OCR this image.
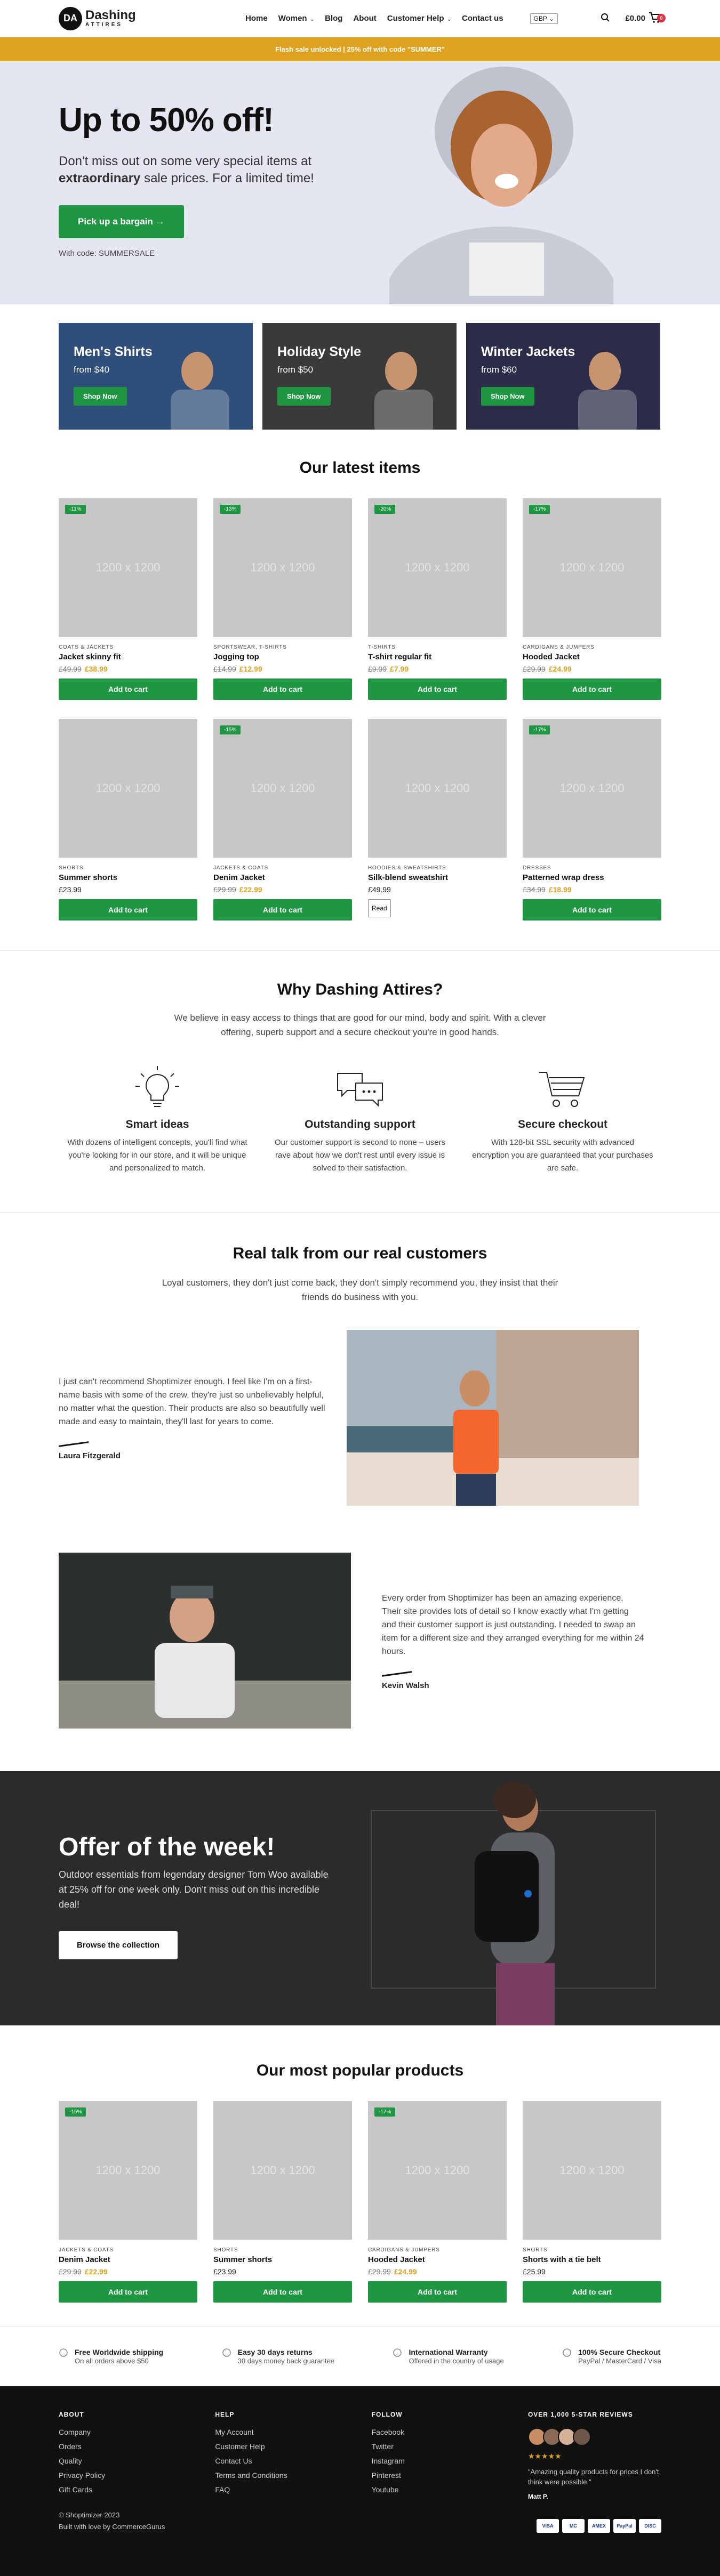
DA Dashing
ATTIRES
Home	Women ⌄	Blog	About	Customer Help ⌄	Contact us	GBP ⌄	£0.00	0
Flash sale unlocked | 25% off with code "SUMMER"
Up to 50% off!

Don't miss out on some very special items at extraordinary sale prices. For a limited time!

Pick up a bargain →
With code: SUMMERSALE
Men's Shirts
from $40
Shop Now
Holiday Style
from $50
Shop Now
Winter Jackets
from $60
Shop Now
Our latest items
1200 x 1200
-11%
COATS & JACKETS
Jacket skinny fit
£49.99 £38.99
Add to cart
1200 x 1200
-13%
SPORTSWEAR, T-SHIRTS
Jogging top
£14.99 £12.99
Add to cart
1200 x 1200
-20%
T-SHIRTS
T-shirt regular fit
£9.99 £7.99
Add to cart
1200 x 1200
-17%
CARDIGANS & JUMPERS
Hooded Jacket
£29.99 £24.99
Add to cart
1200 x 1200
SHORTS
Summer shorts
£23.99
Add to cart
1200 x 1200
-15%
JACKETS & COATS
Denim Jacket
£29.99 £22.99
Add to cart
1200 x 1200
HOODIES & SWEATSHIRTS
Silk-blend sweatshirt
£49.99
Read
1200 x 1200
-17%
DRESSES
Patterned wrap dress
£34.99 £18.99
Add to cart
Why Dashing Attires?
We believe in easy access to things that are good for our mind, body and spirit. With a clever offering, superb support and a secure checkout you're in good hands.
Smart ideas

With dozens of intelligent concepts, you'll find what you're looking for in our store, and it will be unique and personalized to match.

Outstanding support

Our customer support is second to none – users rave about how we don't rest until every issue is solved to their satisfaction.

Secure checkout

With 128-bit SSL security with advanced encryption you are guaranteed that your purchases are safe.

Real talk from our real customers
Loyal customers, they don't just come back, they don't simply recommend you, they insist that their friends do business with you.
I just can't recommend Shoptimizer enough. I feel like I'm on a first-name basis with some of the crew, they're just so unbelievably helpful, no matter what the question. Their products are also so beautifully well made and easy to maintain, they'll last for years to come.
Laura Fitzgerald
Every order from Shoptimizer has been an amazing experience. Their site provides lots of detail so I know exactly what I'm getting and their customer support is just outstanding. I needed to swap an item for a different size and they arranged everything for me within 24 hours.
Kevin Walsh
Offer of the week!

Outdoor essentials from legendary designer Tom Woo available at 25% off for one week only. Don't miss out on this incredible deal!

Browse the collection
Our most popular products
1200 x 1200
-15%
JACKETS & COATS
Denim Jacket
£29.99 £22.99
Add to cart
1200 x 1200
SHORTS
Summer shorts
£23.99
Add to cart
1200 x 1200
-17%
CARDIGANS & JUMPERS
Hooded Jacket
£29.99 £24.99
Add to cart
1200 x 1200
SHORTS
Shorts with a tie belt
£25.99
Add to cart
Free Worldwide shipping
On all orders above $50
Easy 30 days returns
30 days money back guarantee
International Warranty
Offered in the country of usage
100% Secure Checkout
PayPal / MasterCard / Visa
ABOUT
Company
Orders
Quality
Privacy Policy
Gift Cards
HELP
My Account
Customer Help
Contact Us
Terms and Conditions
FAQ
FOLLOW
Facebook
Twitter
Instagram
Pinterest
Youtube
OVER 1,000 5-STAR REVIEWS
★★★★★
"Amazing quality products for prices I don't think were possible."
Matt P.
© Shoptimizer 2023
Built with love by CommerceGurus	VISA	MC	AMEX	PayPal	DISC
